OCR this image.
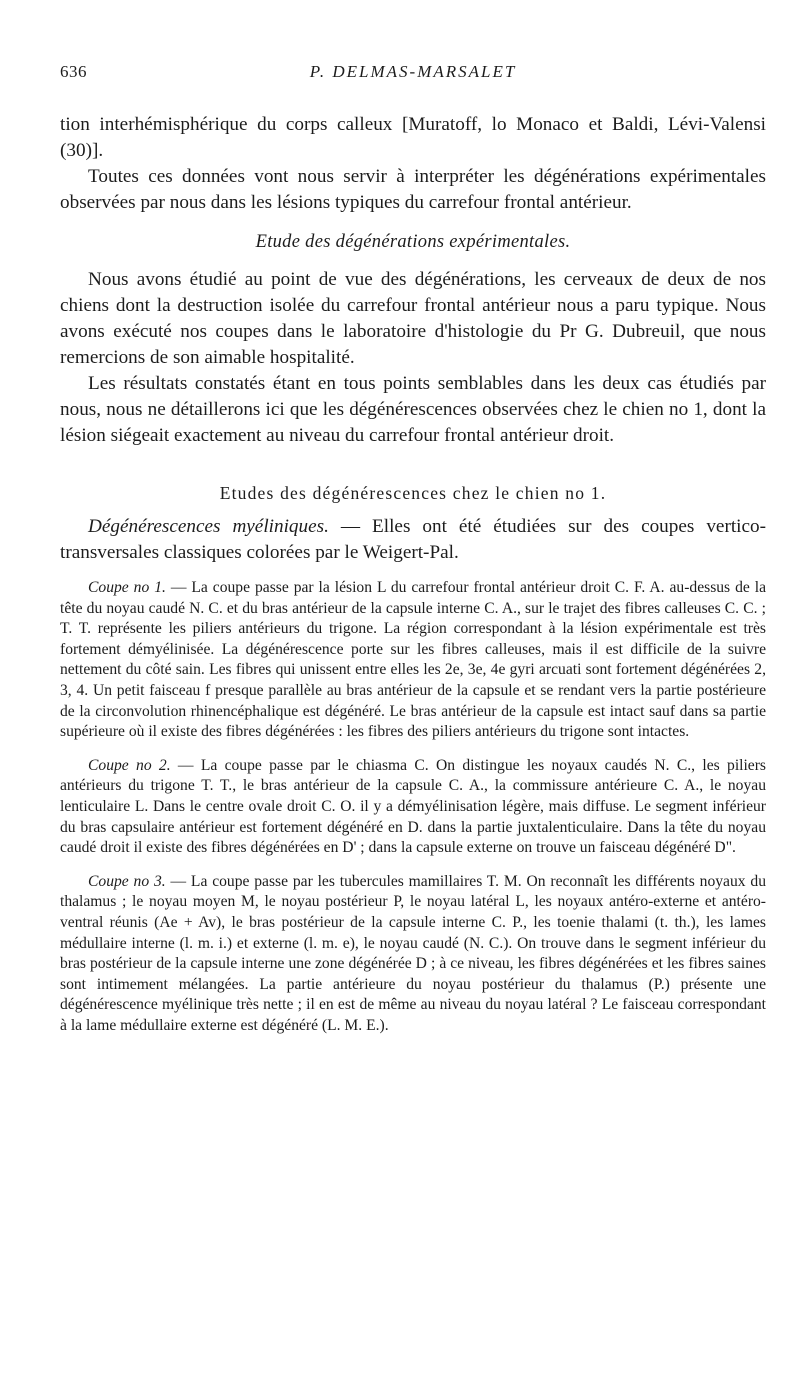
636	P. DELMAS-MARSALET

tion interhémisphérique du corps calleux [Muratoff, lo Monaco et Baldi, Lévi-Valensi (30)].

Toutes ces données vont nous servir à interpréter les dégénérations expérimentales observées par nous dans les lésions typiques du carrefour frontal antérieur.

Etude des dégénérations expérimentales.

Nous avons étudié au point de vue des dégénérations, les cerveaux de deux de nos chiens dont la destruction isolée du carrefour frontal antérieur nous a paru typique. Nous avons exécuté nos coupes dans le laboratoire d'histologie du Pr G. Dubreuil, que nous remercions de son aimable hospitalité.

Les résultats constatés étant en tous points semblables dans les deux cas étudiés par nous, nous ne détaillerons ici que les dégénérescences observées chez le chien no 1, dont la lésion siégeait exactement au niveau du carrefour frontal antérieur droit.

Etudes des dégénérescences chez le chien no 1.

Dégénérescences myéliniques. — Elles ont été étudiées sur des coupes vertico-transversales classiques colorées par le Weigert-Pal.

Coupe no 1. — La coupe passe par la lésion L du carrefour frontal antérieur droit C. F. A. au-dessus de la tête du noyau caudé N. C. et du bras antérieur de la capsule interne C. A., sur le trajet des fibres calleuses C. C. ; T. T. représente les piliers antérieurs du trigone. La région correspondant à la lésion expérimentale est très fortement démyélinisée. La dégénérescence porte sur les fibres calleuses, mais il est difficile de la suivre nettement du côté sain. Les fibres qui unissent entre elles les 2e, 3e, 4e gyri arcuati sont fortement dégénérées 2, 3, 4. Un petit faisceau f presque parallèle au bras antérieur de la capsule et se rendant vers la partie postérieure de la circonvolution rhinencéphalique est dégénéré. Le bras antérieur de la capsule est intact sauf dans sa partie supérieure où il existe des fibres dégénérées : les fibres des piliers antérieurs du trigone sont intactes.

Coupe no 2. — La coupe passe par le chiasma C. On distingue les noyaux caudés N. C., les piliers antérieurs du trigone T. T., le bras antérieur de la capsule C. A., la commissure antérieure C. A., le noyau lenticulaire L. Dans le centre ovale droit C. O. il y a démyélinisation légère, mais diffuse. Le segment inférieur du bras capsulaire antérieur est fortement dégénéré en D. dans la partie juxtalenticulaire. Dans la tête du noyau caudé droit il existe des fibres dégénérées en D' ; dans la capsule externe on trouve un faisceau dégénéré D".

Coupe no 3. — La coupe passe par les tubercules mamillaires T. M. On reconnaît les différents noyaux du thalamus ; le noyau moyen M, le noyau postérieur P, le noyau latéral L, les noyaux antéro-externe et antéro-ventral réunis (Ae + Av), le bras postérieur de la capsule interne C. P., les toenie thalami (t. th.), les lames médullaire interne (l. m. i.) et externe (l. m. e), le noyau caudé (N. C.). On trouve dans le segment inférieur du bras postérieur de la capsule interne une zone dégénérée D ; à ce niveau, les fibres dégénérées et les fibres saines sont intimement mélangées. La partie antérieure du noyau postérieur du thalamus (P.) présente une dégénérescence myélinique très nette ; il en est de même au niveau du noyau latéral ? Le faisceau correspondant à la lame médullaire externe est dégénéré (L. M. E.).
